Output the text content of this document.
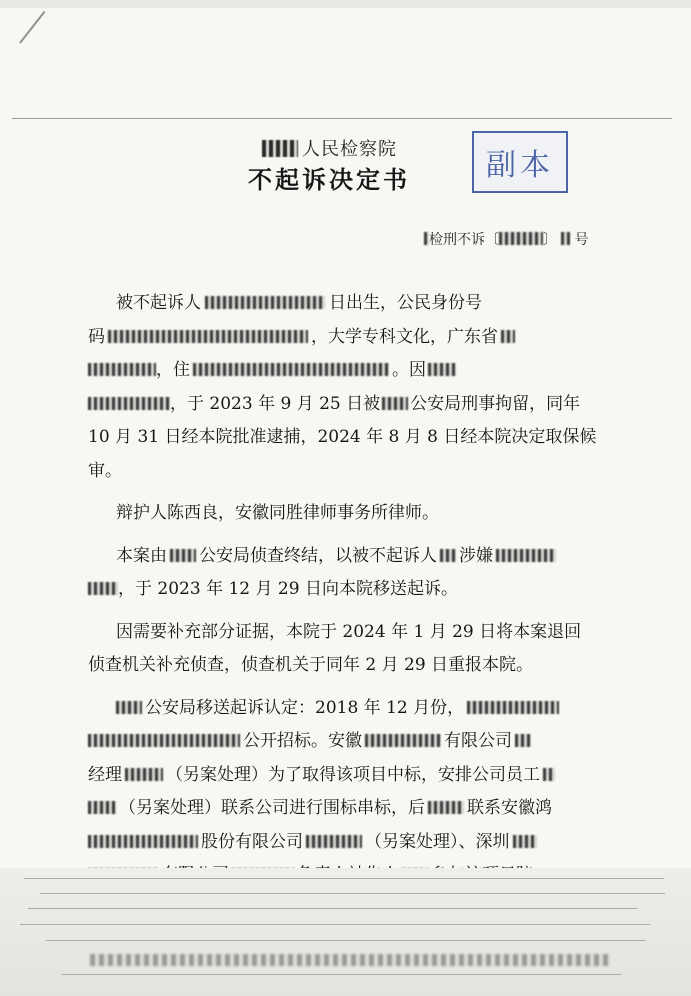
人民检察院
不起诉决定书	副本
检刑不诉〔	〕 号

被不起诉人	日出生，公民身份号
码	，大学专科文化，广东省
，住	。因
，于 2023 年 9 月 25 日被 公安局刑事拘留，同年
10 月 31 日经本院批准逮捕，2024 年 8 月 8 日经本院决定取保候
审。

辩护人陈西良，安徽同胜律师事务所律师。

本案由 公安局侦查终结，以被不起诉人 涉嫌
，于 2023 年 12 月 29 日向本院移送起诉。

因需要补充部分证据，本院于 2024 年 1 月 29 日将本案退回
侦查机关补充侦查，侦查机关于同年 2 月 29 日重报本院。

公安局移送起诉认定：2018 年 12 月份，
公开招标。安徽	有限公司
经理	（另案处理）为了取得该项目中标，安排公司员工
（另案处理）联系公司进行围标串标，后 联系安徽鸿
股份有限公司	（另案处理）、深圳
